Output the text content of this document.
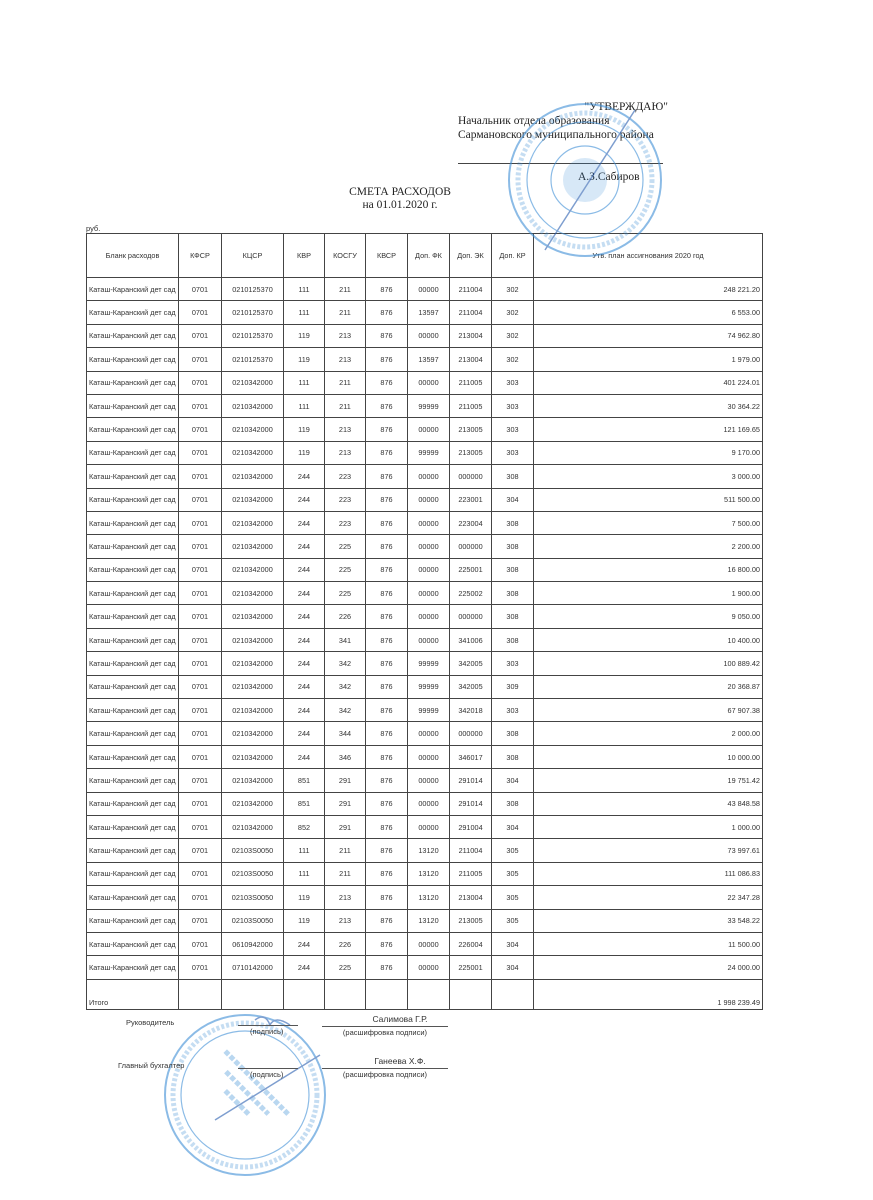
"УТВЕРЖДАЮ"
Начальник отдела образования
Сармановского муниципального района
А.З.Сабиров
СМЕТА РАСХОДОВ
на 01.01.2020 г.
руб.
Бланк расходов	КФСР	КЦСР	КВР	КОСГУ	КВСР	Доп. ФК	Доп. ЭК	Доп. КР	Утв. план ассигнования 2020 год
Каташ-Каранский дет сад	0701	0210125370	111	211	876	00000	211004	302	248 221.20
Каташ-Каранский дет сад	0701	0210125370	111	211	876	13597	211004	302	6 553.00
Каташ-Каранский дет сад	0701	0210125370	119	213	876	00000	213004	302	74 962.80
Каташ-Каранский дет сад	0701	0210125370	119	213	876	13597	213004	302	1 979.00
Каташ-Каранский дет сад	0701	0210342000	111	211	876	00000	211005	303	401 224.01
Каташ-Каранский дет сад	0701	0210342000	111	211	876	99999	211005	303	30 364.22
Каташ-Каранский дет сад	0701	0210342000	119	213	876	00000	213005	303	121 169.65
Каташ-Каранский дет сад	0701	0210342000	119	213	876	99999	213005	303	9 170.00
Каташ-Каранский дет сад	0701	0210342000	244	223	876	00000	000000	308	3 000.00
Каташ-Каранский дет сад	0701	0210342000	244	223	876	00000	223001	304	511 500.00
Каташ-Каранский дет сад	0701	0210342000	244	223	876	00000	223004	308	7 500.00
Каташ-Каранский дет сад	0701	0210342000	244	225	876	00000	000000	308	2 200.00
Каташ-Каранский дет сад	0701	0210342000	244	225	876	00000	225001	308	16 800.00
Каташ-Каранский дет сад	0701	0210342000	244	225	876	00000	225002	308	1 900.00
Каташ-Каранский дет сад	0701	0210342000	244	226	876	00000	000000	308	9 050.00
Каташ-Каранский дет сад	0701	0210342000	244	341	876	00000	341006	308	10 400.00
Каташ-Каранский дет сад	0701	0210342000	244	342	876	99999	342005	303	100 889.42
Каташ-Каранский дет сад	0701	0210342000	244	342	876	99999	342005	309	20 368.87
Каташ-Каранский дет сад	0701	0210342000	244	342	876	99999	342018	303	67 907.38
Каташ-Каранский дет сад	0701	0210342000	244	344	876	00000	000000	308	2 000.00
Каташ-Каранский дет сад	0701	0210342000	244	346	876	00000	346017	308	10 000.00
Каташ-Каранский дет сад	0701	0210342000	851	291	876	00000	291014	304	19 751.42
Каташ-Каранский дет сад	0701	0210342000	851	291	876	00000	291014	308	43 848.58
Каташ-Каранский дет сад	0701	0210342000	852	291	876	00000	291004	304	1 000.00
Каташ-Каранский дет сад	0701	02103S0050	111	211	876	13120	211004	305	73 997.61
Каташ-Каранский дет сад	0701	02103S0050	111	211	876	13120	211005	305	111 086.83
Каташ-Каранский дет сад	0701	02103S0050	119	213	876	13120	213004	305	22 347.28
Каташ-Каранский дет сад	0701	02103S0050	119	213	876	13120	213005	305	33 548.22
Каташ-Каранский дет сад	0701	0610942000	244	226	876	00000	226004	304	11 500.00
Каташ-Каранский дет сад	0701	0710142000	244	225	876	00000	225001	304	24 000.00
Итого									1 998 239.49
Руководитель
(подпись)
Салимова Г.Р.
(расшифровка подписи)
Главный бухгалтер
(подпись)
Ганеева Х.Ф.
(расшифровка подписи)
